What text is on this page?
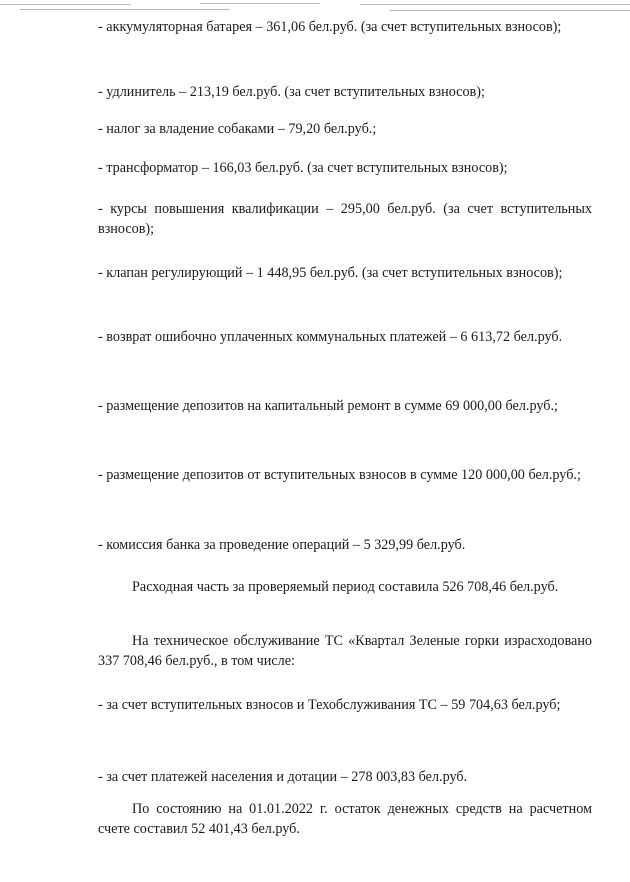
- аккумуляторная батарея – 361,06 бел.руб. (за счет вступительных взносов);

- удлинитель – 213,19 бел.руб. (за счет вступительных взносов);

- налог за владение собаками – 79,20 бел.руб.;

- трансформатор – 166,03 бел.руб. (за счет вступительных взносов);

- курсы повышения квалификации – 295,00 бел.руб. (за счет вступительных взносов);

- клапан регулирующий – 1 448,95 бел.руб. (за счет вступительных взносов);

- возврат ошибочно уплаченных коммунальных платежей – 6 613,72 бел.руб.

- размещение депозитов на капитальный ремонт в сумме 69 000,00 бел.руб.;

- размещение депозитов от вступительных взносов в сумме 120 000,00 бел.руб.;

- комиссия банка за проведение операций – 5 329,99 бел.руб.

Расходная часть за проверяемый период составила 526 708,46 бел.руб.

На техническое обслуживание ТС «Квартал Зеленые горки израсходовано 337 708,46 бел.руб., в том числе:

- за счет вступительных взносов и Техобслуживания ТС – 59 704,63 бел.руб;

- за счет платежей населения и дотации – 278 003,83 бел.руб.

По состоянию на 01.01.2022 г. остаток денежных средств на расчетном счете составил 52 401,43 бел.руб.
